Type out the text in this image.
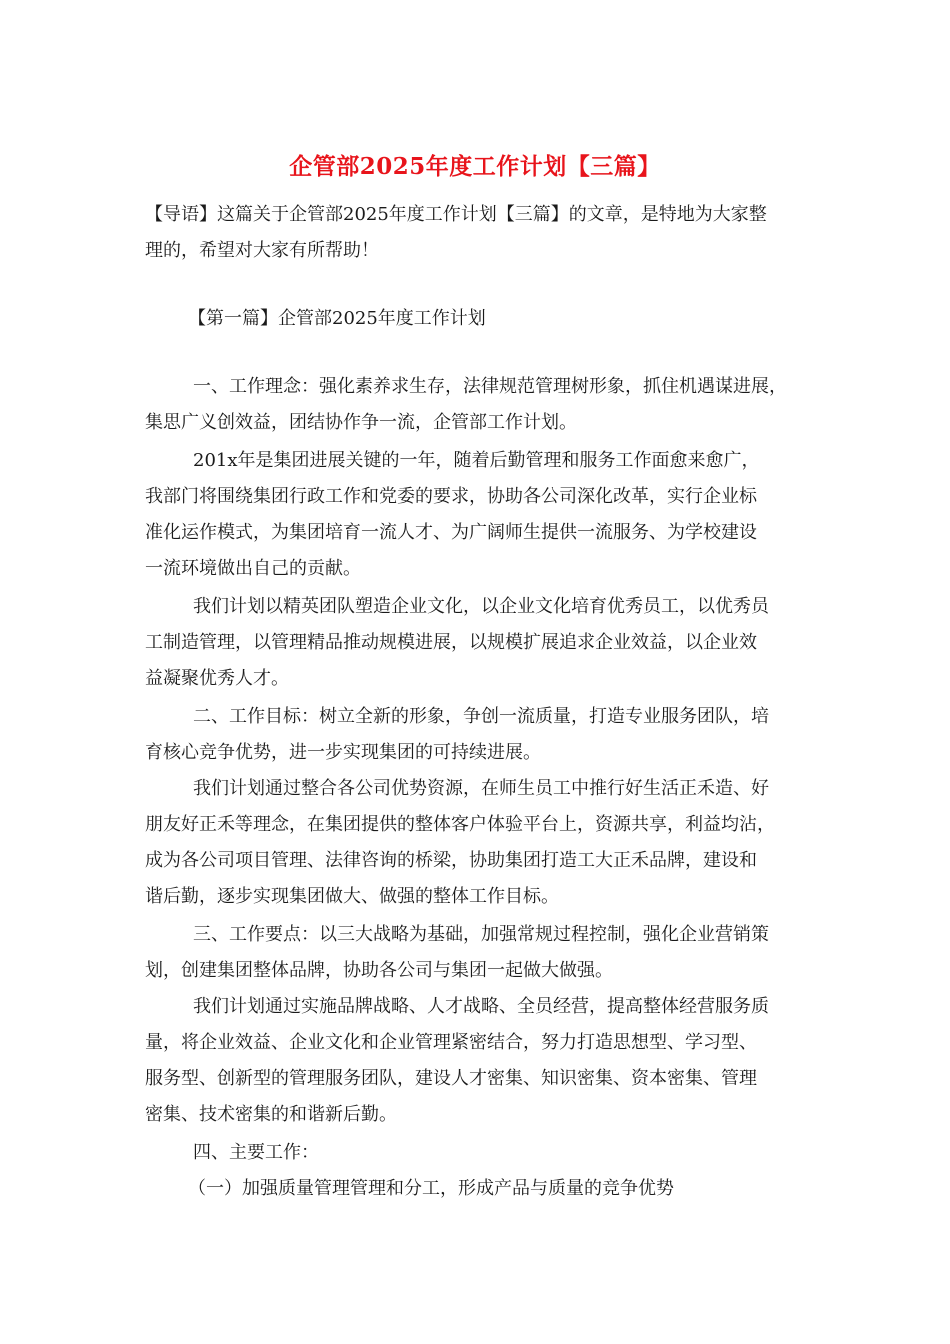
企管部2025年度工作计划【三篇】
【导语】这篇关于企管部2025年度工作计划【三篇】的文章，是特地为大家整
理的，希望对大家有所帮助！
【第一篇】企管部2025年度工作计划
一、工作理念：强化素养求生存，法律规范管理树形象，抓住机遇谋进展，
集思广义创效益，团结协作争一流，企管部工作计划。
201x年是集团进展关键的一年，随着后勤管理和服务工作面愈来愈广，
我部门将围绕集团行政工作和党委的要求，协助各公司深化改革，实行企业标
准化运作模式，为集团培育一流人才、为广阔师生提供一流服务、为学校建设
一流环境做出自己的贡献。
我们计划以精英团队塑造企业文化，以企业文化培育优秀员工，以优秀员
工制造管理，以管理精品推动规模进展，以规模扩展追求企业效益，以企业效
益凝聚优秀人才。
二、工作目标：树立全新的形象，争创一流质量，打造专业服务团队，培
育核心竞争优势，进一步实现集团的可持续进展。
我们计划通过整合各公司优势资源，在师生员工中推行好生活正禾造、好
朋友好正禾等理念，在集团提供的整体客户体验平台上，资源共享，利益均沾，
成为各公司项目管理、法律咨询的桥梁，协助集团打造工大正禾品牌，建设和
谐后勤，逐步实现集团做大、做强的整体工作目标。
三、工作要点：以三大战略为基础，加强常规过程控制，强化企业营销策
划，创建集团整体品牌，协助各公司与集团一起做大做强。
我们计划通过实施品牌战略、人才战略、全员经营，提高整体经营服务质
量，将企业效益、企业文化和企业管理紧密结合，努力打造思想型、学习型、
服务型、创新型的管理服务团队，建设人才密集、知识密集、资本密集、管理
密集、技术密集的和谐新后勤。
四、主要工作：
（一）加强质量管理管理和分工，形成产品与质量的竞争优势
